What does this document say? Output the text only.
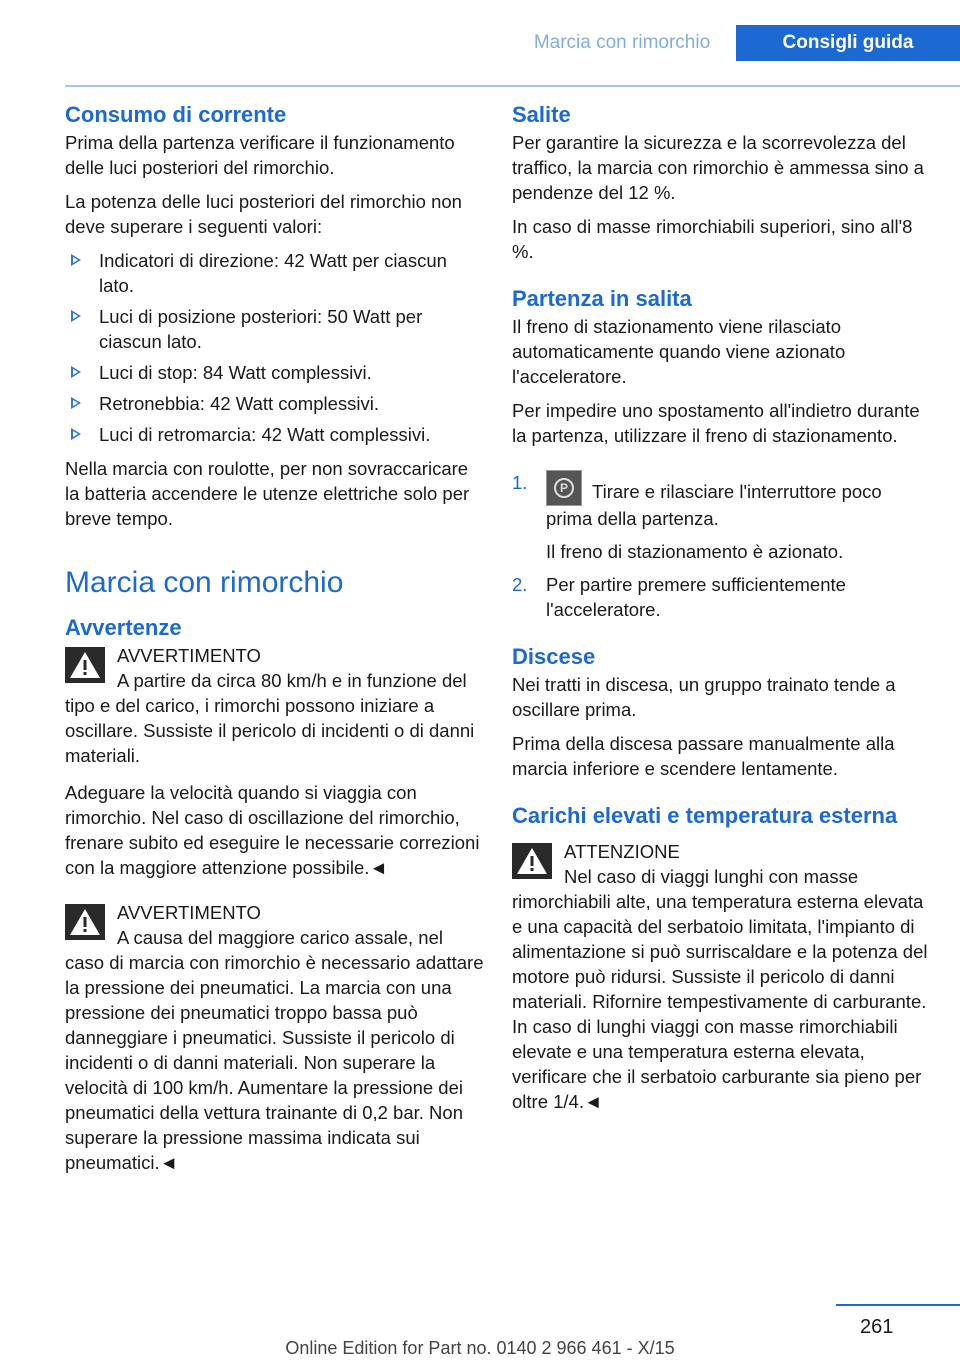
Marcia con rimorchio	Consigli guida
Consumo di corrente

Prima della partenza verificare il funzionamento delle luci posteriori del rimorchio.

La potenza delle luci posteriori del rimorchio non deve superare i seguenti valori:

Indicatori di direzione: 42 Watt per ciascun lato.
Luci di posizione posteriori: 50 Watt per ciascun lato.
Luci di stop: 84 Watt complessivi.
Retronebbia: 42 Watt complessivi.
Luci di retromarcia: 42 Watt complessivi.

Nella marcia con roulotte, per non sovraccaricare la batteria accendere le utenze elettriche solo per breve tempo.

Marcia con rimorchio
Avvertenze
AVVERTIMENTO
A partire da circa 80 km/h e in funzione del tipo e del carico, i rimorchi possono iniziare a oscillare. Sussiste il pericolo di incidenti o di danni materiali.

Adeguare la velocità quando si viaggia con rimorchio. Nel caso di oscillazione del rimorchio, frenare subito ed eseguire le necessarie correzioni con la maggiore attenzione possibile.◄

AVVERTIMENTO
A causa del maggiore carico assale, nel caso di marcia con rimorchio è necessario adattare la pressione dei pneumatici. La marcia con una pressione dei pneumatici troppo bassa può danneggiare i pneumatici. Sussiste il pericolo di incidenti o di danni materiali. Non superare la velocità di 100 km/h. Aumentare la pressione dei pneumatici della vettura trainante di 0,2 bar. Non superare la pressione massima indicata sui pneumatici.◄
Salite

Per garantire la sicurezza e la scorrevolezza del traffico, la marcia con rimorchio è ammessa sino a pendenze del 12 %.

In caso di masse rimorchiabili superiori, sino all'8 %.

Partenza in salita

Il freno di stazionamento viene rilasciato automaticamente quando viene azionato l'acceleratore.

Per impedire uno spostamento all'indietro durante la partenza, utilizzare il freno di stazionamento.

1.	P	Tirare e rilasciare l'interruttore poco prima della partenza.
Il freno di stazionamento è azionato.
2. Per partire premere sufficientemente l'acceleratore.
Discese

Nei tratti in discesa, un gruppo trainato tende a oscillare prima.

Prima della discesa passare manualmente alla marcia inferiore e scendere lentamente.

Carichi elevati e temperatura esterna
ATTENZIONE
Nel caso di viaggi lunghi con masse rimorchiabili alte, una temperatura esterna elevata e una capacità del serbatoio limitata, l'impianto di alimentazione si può surriscaldare e la potenza del motore può ridursi. Sussiste il pericolo di danni materiali. Rifornire tempestivamente di carburante. In caso di lunghi viaggi con masse rimorchiabili elevate e una temperatura esterna elevata, verificare che il serbatoio carburante sia pieno per oltre 1/4.◄
261
Online Edition for Part no. 0140 2 966 461 - X/15
